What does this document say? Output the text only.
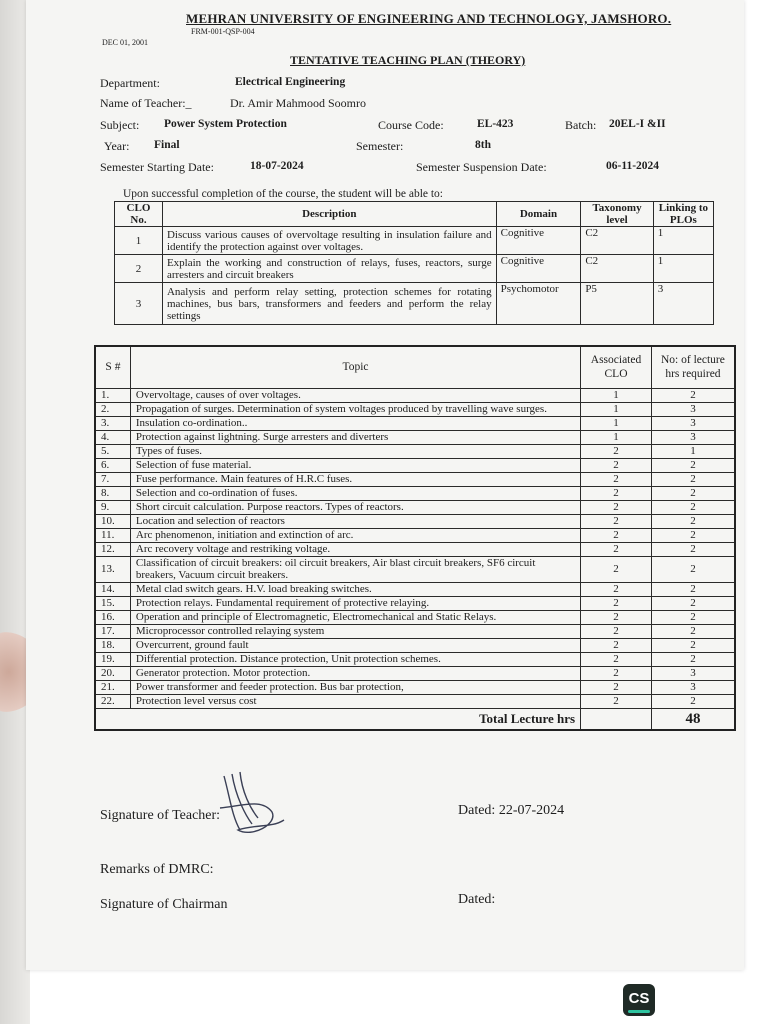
MEHRAN UNIVERSITY OF ENGINEERING AND TECHNOLOGY, JAMSHORO.
FRM-001-QSP-004
DEC 01, 2001
TENTATIVE TEACHING PLAN (THEORY)
Department:	Electrical Engineering
Name of Teacher:_	Dr. Amir Mahmood Soomro
Subject: Power System Protection	Course Code:	EL-423	Batch: 20EL-I &II
Year: Final	Semester:	8th
Semester Starting Date:	18-07-2024	Semester Suspension Date:	06-11-2024
Upon successful completion of the course, the student will be able to:
CLO No.	Description	Domain	Taxonomy level	Linking to PLOs
1	Discuss various causes of overvoltage resulting in insulation failure and identify the protection against over voltages.	Cognitive	C2	1
2	Explain the working and construction of relays, fuses, reactors, surge arresters and circuit breakers	Cognitive	C2	1
3	Analysis and perform relay setting, protection schemes for rotating machines, bus bars, transformers and feeders and perform the relay settings	Psychomotor	P5	3
S #	Topic	Associated CLO	No: of lecture hrs required
1.	Overvoltage, causes of over voltages.	1	2
2.	Propagation of surges. Determination of system voltages produced by travelling wave surges.	1	3
3.	Insulation co-ordination..	1	3
4.	Protection against lightning. Surge arresters and diverters	1	3
5.	Types of fuses.	2	1
6.	Selection of fuse material.	2	2
7.	Fuse performance. Main features of H.R.C fuses.	2	2
8.	Selection and co-ordination of fuses.	2	2
9.	Short circuit calculation. Purpose reactors. Types of reactors.	2	2
10.	Location and selection of reactors	2	2
11.	Arc phenomenon, initiation and extinction of arc.	2	2
12.	Arc recovery voltage and restriking voltage.	2	2
13.	Classification of circuit breakers: oil circuit breakers, Air blast circuit breakers, SF6 circuit breakers, Vacuum circuit breakers.	2	2
14.	Metal clad switch gears. H.V. load breaking switches.	2	2
15.	Protection relays. Fundamental requirement of protective relaying.	2	2
16.	Operation and principle of Electromagnetic, Electromechanical and Static Relays.	2	2
17.	Microprocessor controlled relaying system	2	2
18.	Overcurrent, ground fault	2	2
19.	Differential protection. Distance protection, Unit protection schemes.	2	2
20.	Generator protection. Motor protection.	2	3
21.	Power transformer and feeder protection. Bus bar protection,	2	3
22.	Protection level versus cost	2	2
Total Lecture hrs			48
Signature of Teacher:	Dated: 22-07-2024
Remarks of DMRC:
Signature of Chairman	Dated:
CS
